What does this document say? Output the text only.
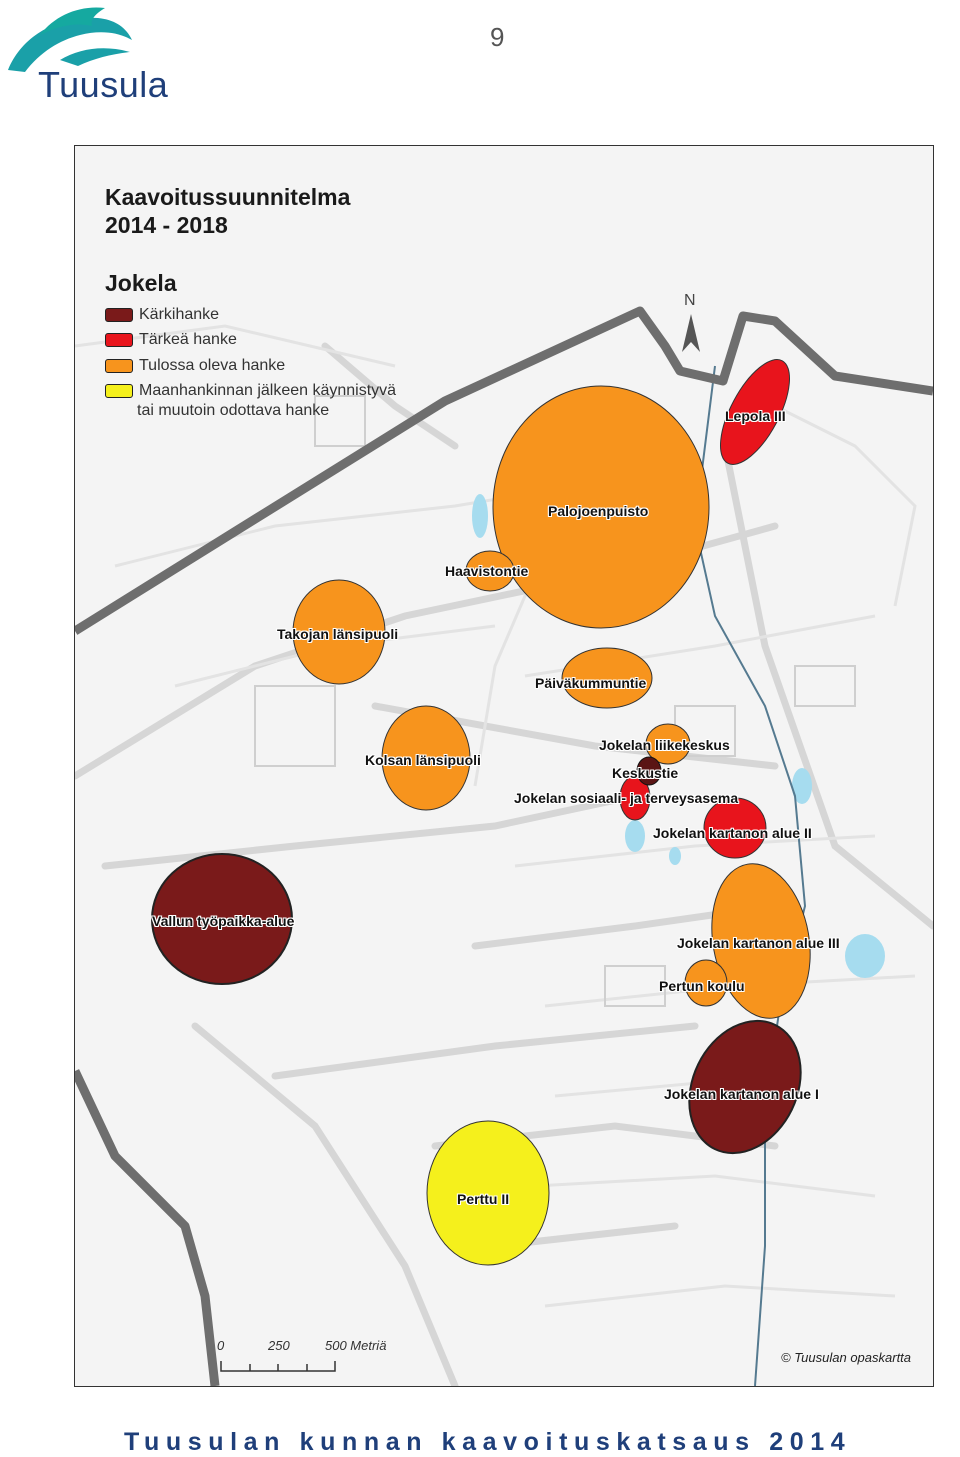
9
Tuusula
Kaavoitussuunnitelma
2014 - 2018
Jokela
Kärkihanke
Tärkeä hanke
Tulossa oleva hanke
Maanhankinnan jälkeen käynnistyvä
tai muutoin odottava hanke
N
Lepola III
Palojoenpuisto
Haavistontie
Takojan länsipuoli
Päiväkummuntie
Kolsan länsipuoli
Jokelan liikekeskus
Keskustie
Jokelan sosiaali- ja terveysasema
Jokelan kartanon alue II
Vallun työpaikka-alue
Jokelan kartanon alue III
Pertun koulu
Jokelan kartanon alue I
Perttu II
0	250	500 Metriä
© Tuusulan opaskartta
Tuusulan kunnan kaavoituskatsaus 2014
